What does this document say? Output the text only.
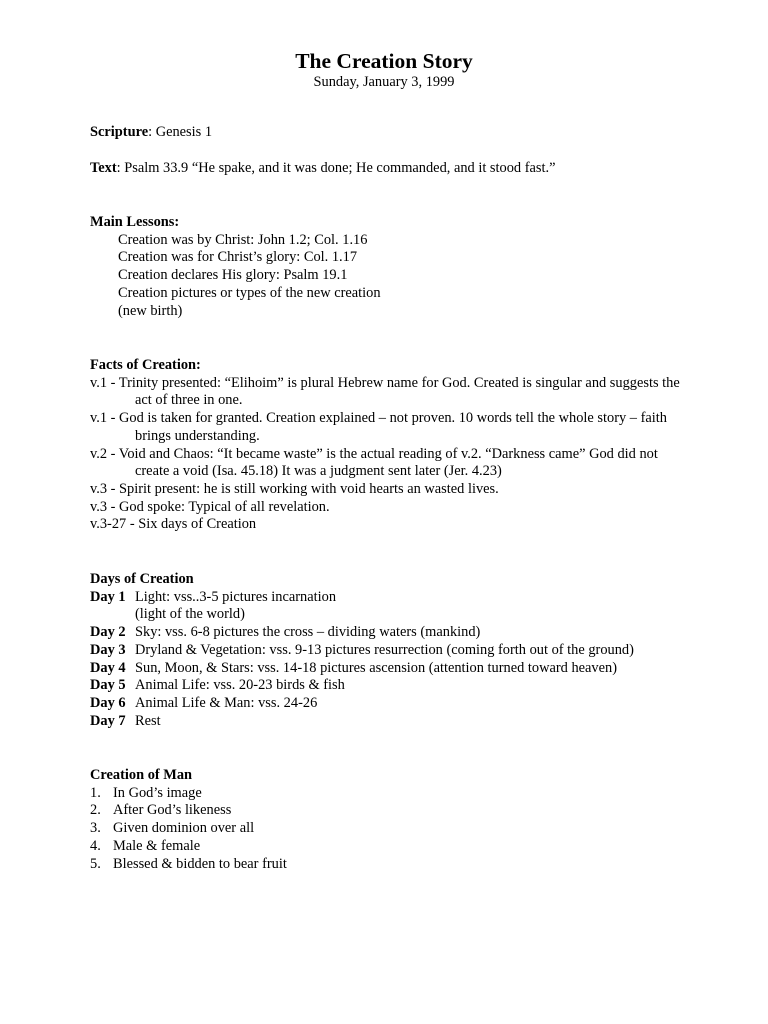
The Creation Story
Sunday, January 3, 1999
Scripture: Genesis 1
Text: Psalm 33.9 “He spake, and it was done; He commanded, and it stood fast.”
Main Lessons:
Creation was by Christ: John 1.2; Col. 1.16
Creation was for Christ’s glory: Col. 1.17
Creation declares His glory: Psalm 19.1
Creation pictures or types of the new creation
(new birth)
Facts of Creation:
v.1 - Trinity presented: “Elihoim” is plural Hebrew name for God. Created is singular and suggests the act of three in one.
v.1 - God is taken for granted. Creation explained – not proven. 10 words tell the whole story – faith brings understanding.
v.2 - Void and Chaos: “It became waste” is the actual reading of v.2. “Darkness came” God did not create a void (Isa. 45.18) It was a judgment sent later (Jer. 4.23)
v.3 - Spirit present: he is still working with void hearts an wasted lives.
v.3 - God spoke: Typical of all revelation.
v.3-27 - Six days of Creation
Days of Creation
Day 1 Light: vss..3-5 pictures incarnation
(light of the world)
Day 2 Sky: vss. 6-8 pictures the cross – dividing waters (mankind)
Day 3 Dryland & Vegetation: vss. 9-13 pictures resurrection (coming forth out of the ground)
Day 4 Sun, Moon, & Stars: vss. 14-18 pictures ascension (attention turned toward heaven)
Day 5 Animal Life: vss. 20-23 birds & fish
Day 6 Animal Life & Man: vss. 24-26
Day 7 Rest
Creation of Man
1. In God’s image
2. After God’s likeness
3. Given dominion over all
4. Male & female
5. Blessed & bidden to bear fruit
